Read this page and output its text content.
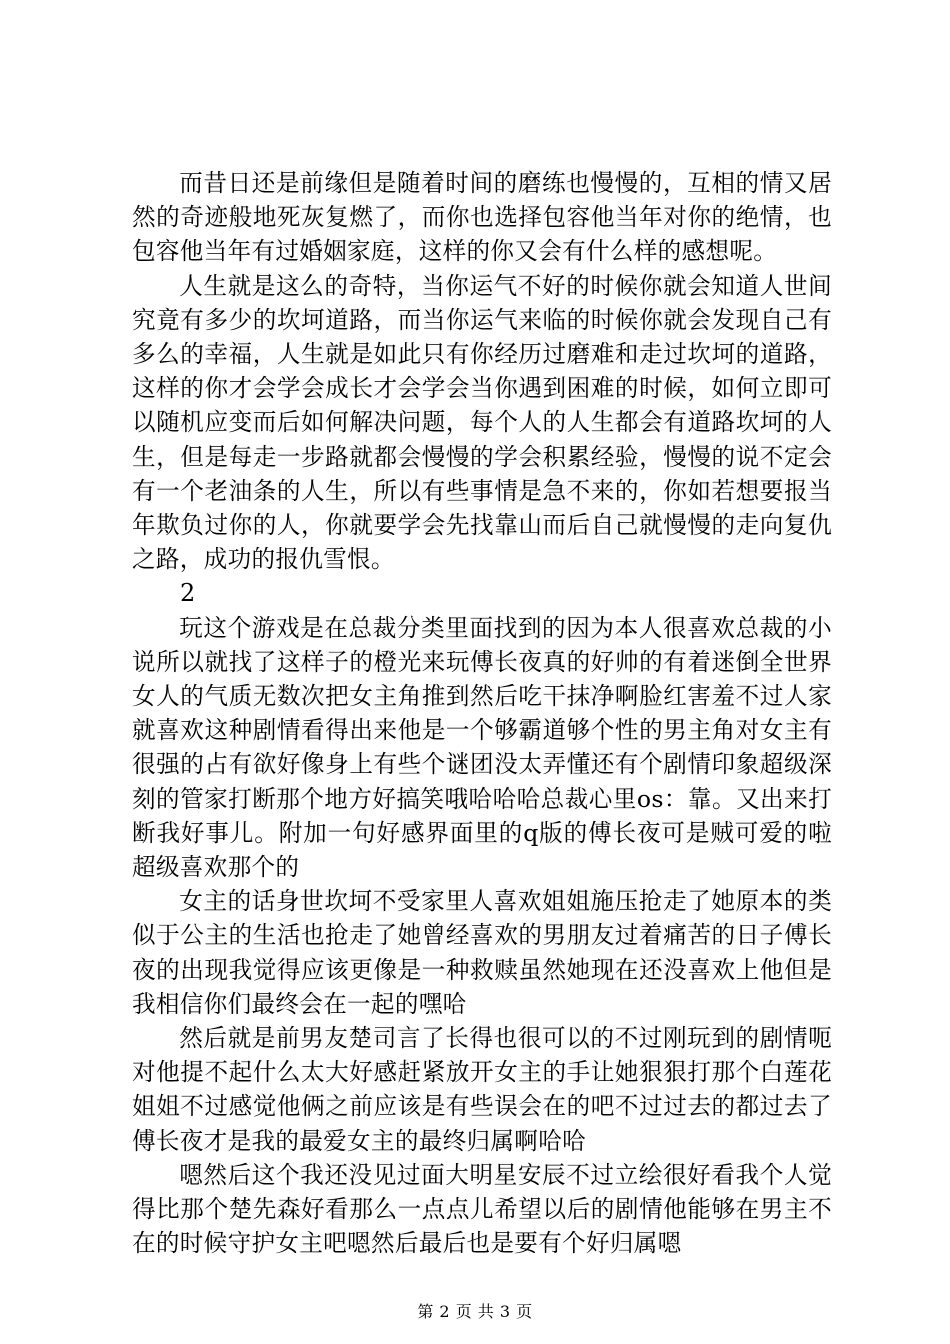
而昔日还是前缘但是随着时间的磨练也慢慢的，互相的情又居然的奇迹般地死灰复燃了，而你也选择包容他当年对你的绝情，也包容他当年有过婚姻家庭，这样的你又会有什么样的感想呢。

人生就是这么的奇特，当你运气不好的时候你就会知道人世间究竟有多少的坎坷道路，而当你运气来临的时候你就会发现自己有多么的幸福，人生就是如此只有你经历过磨难和走过坎坷的道路，这样的你才会学会成长才会学会当你遇到困难的时候，如何立即可以随机应变而后如何解决问题，每个人的人生都会有道路坎坷的人生，但是每走一步路就都会慢慢的学会积累经验，慢慢的说不定会有一个老油条的人生，所以有些事情是急不来的，你如若想要报当年欺负过你的人，你就要学会先找靠山而后自己就慢慢的走向复仇之路，成功的报仇雪恨。

2

玩这个游戏是在总裁分类里面找到的因为本人很喜欢总裁的小说所以就找了这样子的橙光来玩傅长夜真的好帅的有着迷倒全世界女人的气质无数次把女主角推到然后吃干抹净啊脸红害羞不过人家就喜欢这种剧情看得出来他是一个够霸道够个性的男主角对女主有很强的占有欲好像身上有些个谜团没太弄懂还有个剧情印象超级深刻的管家打断那个地方好搞笑哦哈哈哈总裁心里os：靠。又出来打断我好事儿。附加一句好感界面里的q版的傅长夜可是贼可爱的啦超级喜欢那个的

女主的话身世坎坷不受家里人喜欢姐姐施压抢走了她原本的类似于公主的生活也抢走了她曾经喜欢的男朋友过着痛苦的日子傅长夜的出现我觉得应该更像是一种救赎虽然她现在还没喜欢上他但是我相信你们最终会在一起的嘿哈

然后就是前男友楚司言了长得也很可以的不过刚玩到的剧情呃对他提不起什么太大好感赶紧放开女主的手让她狠狠打那个白莲花姐姐不过感觉他俩之前应该是有些误会在的吧不过过去的都过去了傅长夜才是我的最爱女主的最终归属啊哈哈

嗯然后这个我还没见过面大明星安辰不过立绘很好看我个人觉得比那个楚先森好看那么一点点儿希望以后的剧情他能够在男主不在的时候守护女主吧嗯然后最后也是要有个好归属嗯

第 2 页 共 3 页
